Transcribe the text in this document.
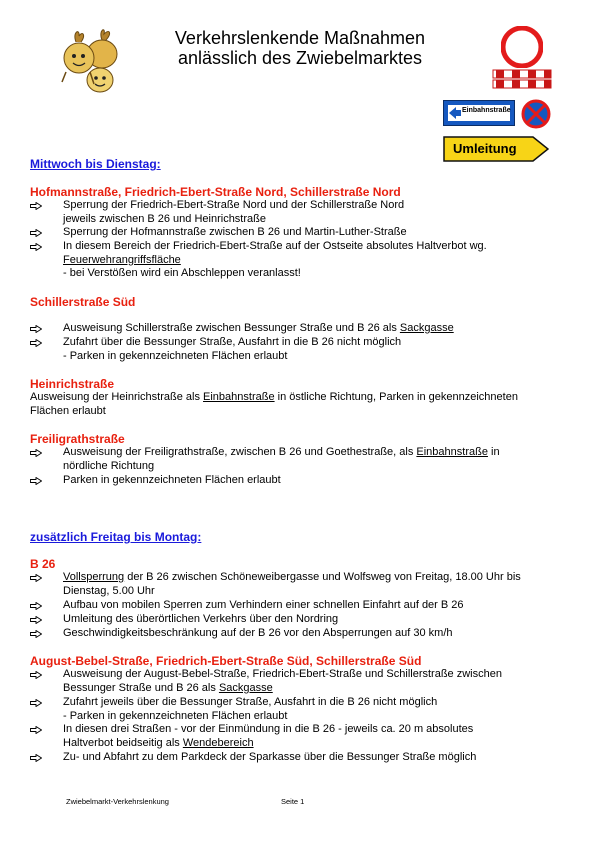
Verkehrslenkende Maßnahmen
anlässlich des Zwiebelmarktes
Einbahnstraße
Umleitung
Mittwoch bis Dienstag:
Hofmannstraße, Friedrich-Ebert-Straße Nord, Schillerstraße Nord
Sperrung der Friedrich-Ebert-Straße Nord und der Schillerstraße Nord
jeweils zwischen B 26 und Heinrichstraße
Sperrung der Hofmannstraße zwischen B 26 und Martin-Luther-Straße
In diesem Bereich der Friedrich-Ebert-Straße auf der Ostseite absolutes Haltverbot wg.
Feuerwehrangriffsfläche
- bei Verstößen wird ein Abschleppen veranlasst!
Schillerstraße Süd
Ausweisung Schillerstraße zwischen Bessunger Straße und B 26 als Sackgasse
Zufahrt über die Bessunger Straße, Ausfahrt in die B 26 nicht möglich
- Parken in gekennzeichneten Flächen erlaubt
Heinrichstraße
Ausweisung der Heinrichstraße als Einbahnstraße in östliche Richtung, Parken in gekennzeichneten
Flächen erlaubt
Freiligrathstraße
Ausweisung der Freiligrathstraße, zwischen B 26 und Goethestraße, als Einbahnstraße in
nördliche Richtung
Parken in gekennzeichneten Flächen erlaubt
zusätzlich Freitag bis Montag:
B 26
Vollsperrung der B 26 zwischen Schöneweibergasse und Wolfsweg von Freitag, 18.00 Uhr bis
Dienstag, 5.00 Uhr
Aufbau von mobilen Sperren zum Verhindern einer schnellen Einfahrt auf der B 26
Umleitung des überörtlichen Verkehrs über den Nordring
Geschwindigkeitsbeschränkung auf der B 26 vor den Absperrungen auf 30 km/h
August-Bebel-Straße, Friedrich-Ebert-Straße Süd, Schillerstraße Süd
Ausweisung der August-Bebel-Straße, Friedrich-Ebert-Straße und Schillerstraße zwischen
Bessunger Straße und B 26 als Sackgasse
Zufahrt jeweils über die Bessunger Straße, Ausfahrt in die B 26 nicht möglich
- Parken in gekennzeichneten Flächen erlaubt
In diesen drei Straßen - vor der Einmündung in die B 26 - jeweils ca. 20 m absolutes
Haltverbot beidseitig als Wendebereich
Zu- und Abfahrt zu dem Parkdeck der Sparkasse über die Bessunger Straße möglich
Zwiebelmarkt-Verkehrslenkung	Seite 1
